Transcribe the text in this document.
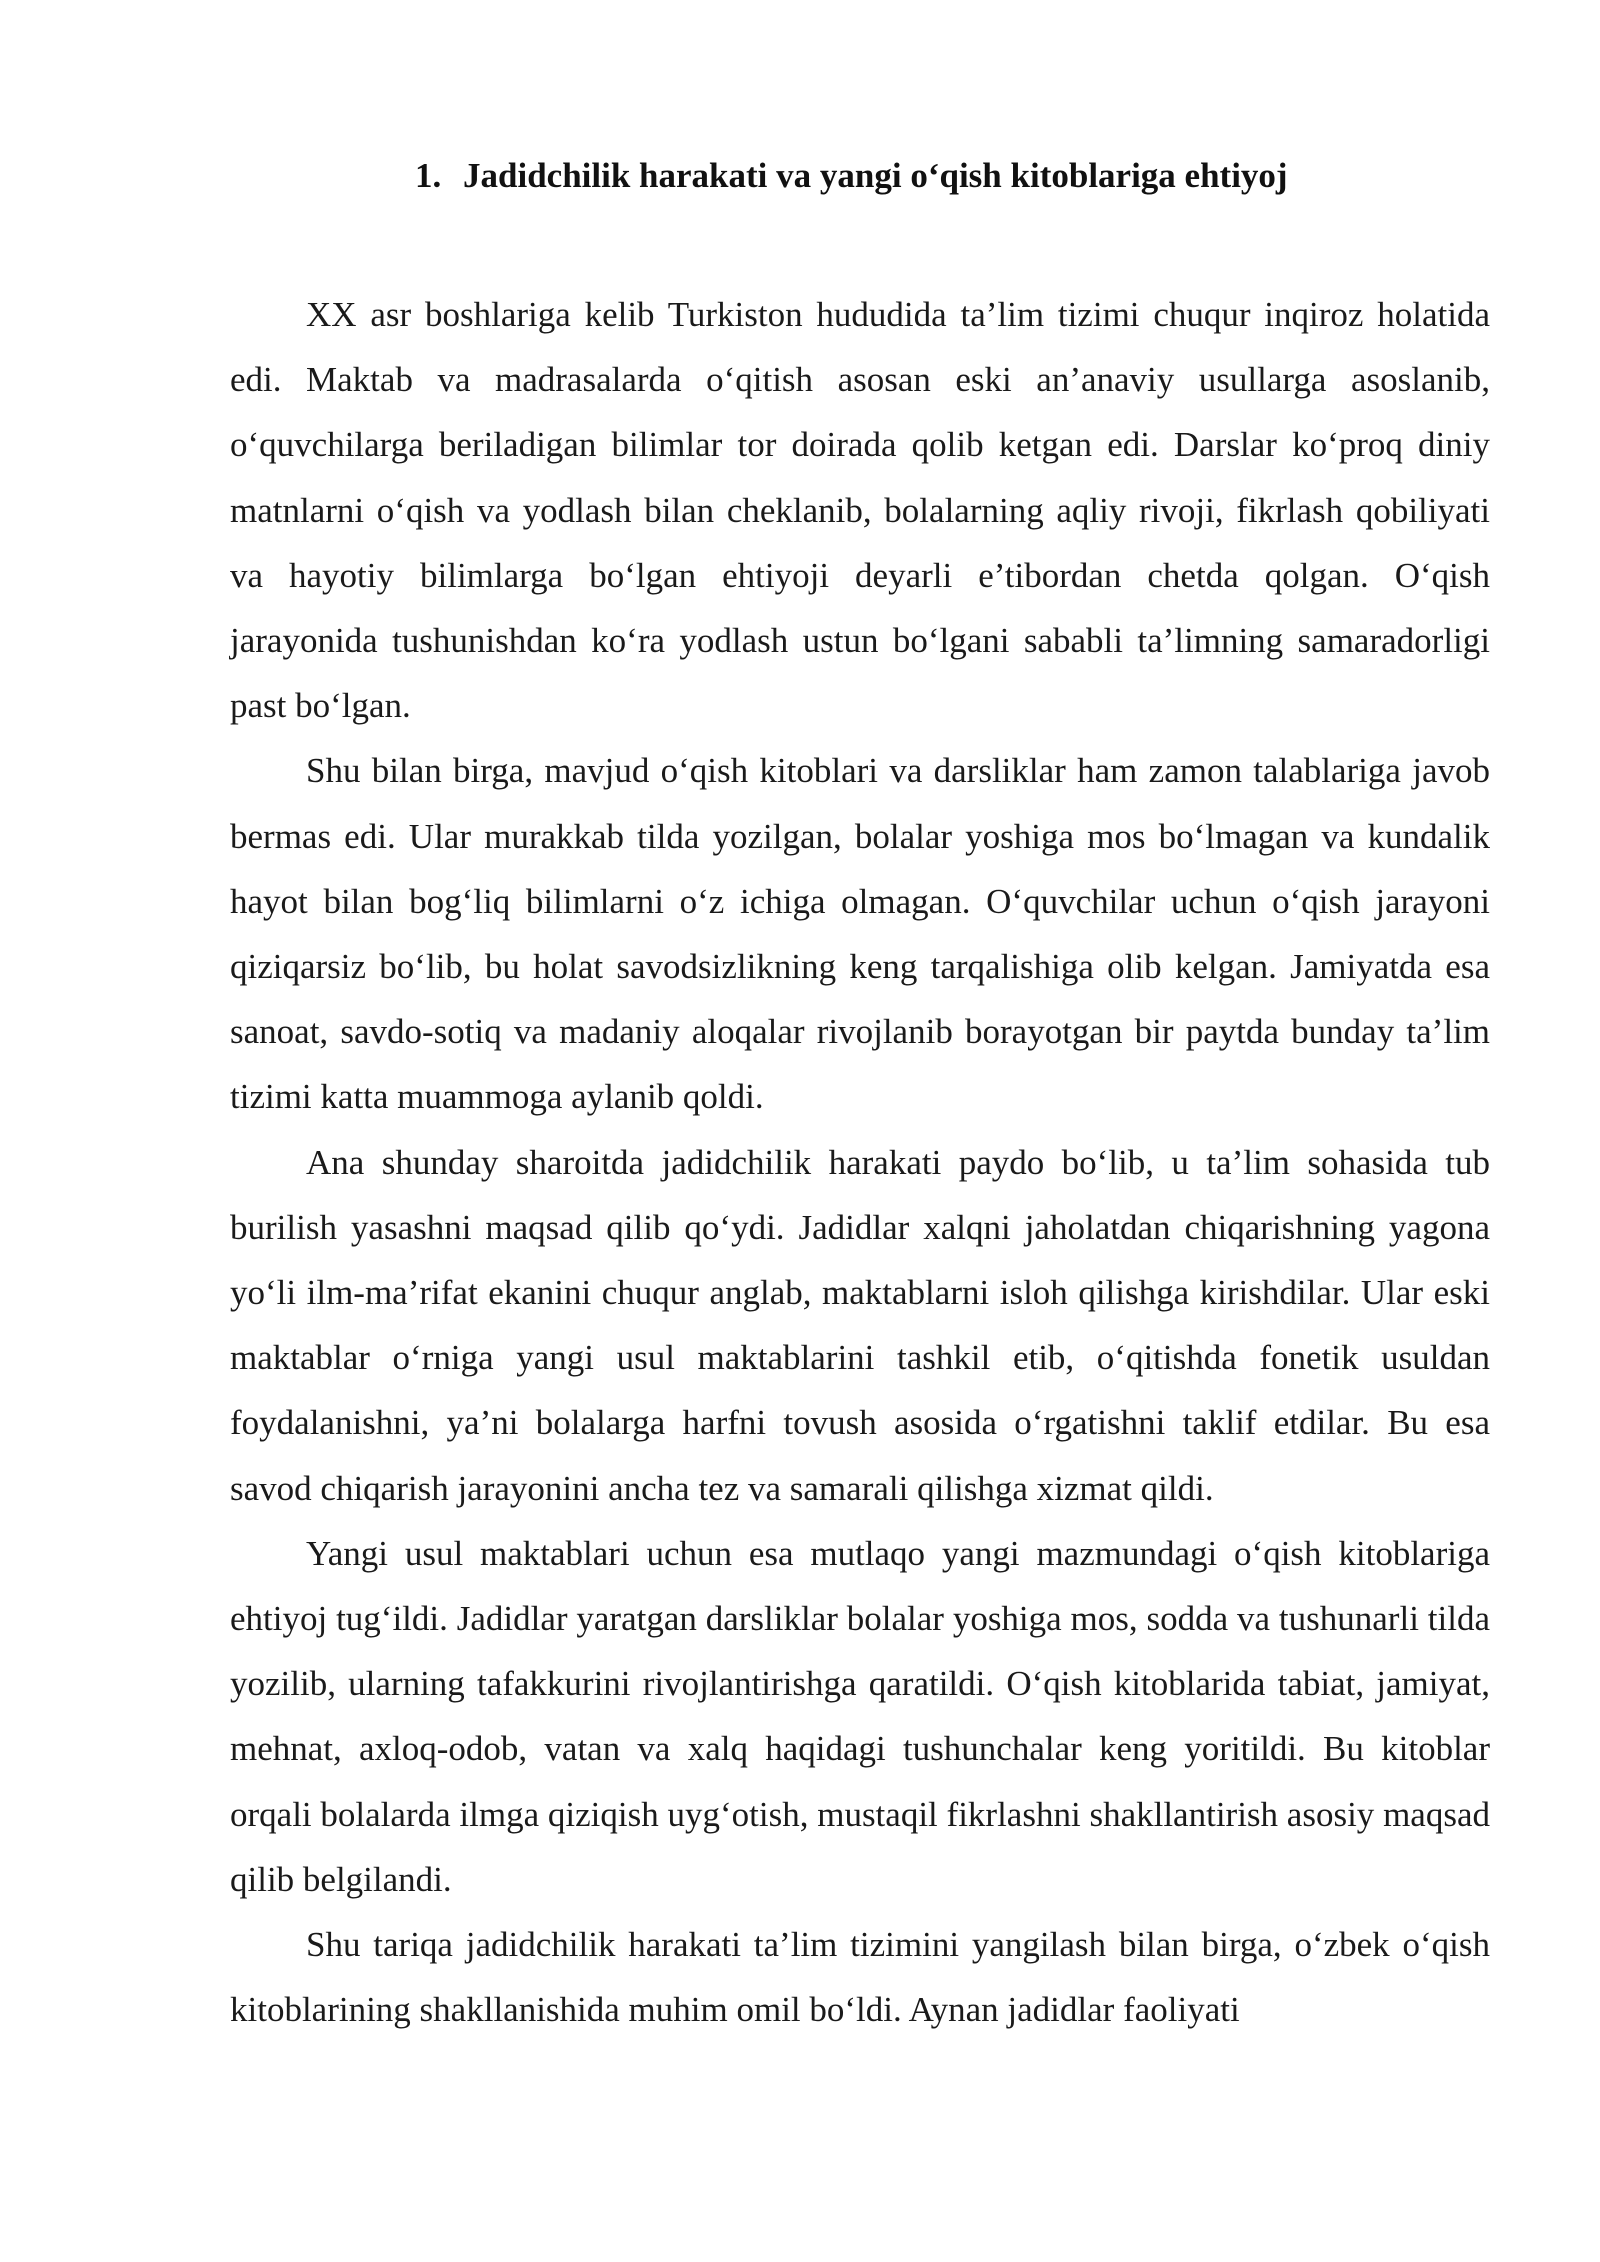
1. Jadidchilik harakati va yangi o‘qish kitoblariga ehtiyoj

XX asr boshlariga kelib Turkiston hududida ta’lim tizimi chuqur inqiroz holatida edi. Maktab va madrasalarda o‘qitish asosan eski an’anaviy usullarga asoslanib, o‘quvchilarga beriladigan bilimlar tor doirada qolib ketgan edi. Darslar ko‘proq diniy matnlarni o‘qish va yodlash bilan cheklanib, bolalarning aqliy rivoji, fikrlash qobiliyati va hayotiy bilimlarga bo‘lgan ehtiyoji deyarli e’tibordan chetda qolgan. O‘qish jarayonida tushunishdan ko‘ra yodlash ustun bo‘lgani sababli ta’limning samaradorligi past bo‘lgan.

Shu bilan birga, mavjud o‘qish kitoblari va darsliklar ham zamon talablariga javob bermas edi. Ular murakkab tilda yozilgan, bolalar yoshiga mos bo‘lmagan va kundalik hayot bilan bog‘liq bilimlarni o‘z ichiga olmagan. O‘quvchilar uchun o‘qish jarayoni qiziqarsiz bo‘lib, bu holat savodsizlikning keng tarqalishiga olib kelgan. Jamiyatda esa sanoat, savdo-sotiq va madaniy aloqalar rivojlanib borayotgan bir paytda bunday ta’lim tizimi katta muammoga aylanib qoldi.

Ana shunday sharoitda jadidchilik harakati paydo bo‘lib, u ta’lim sohasida tub burilish yasashni maqsad qilib qo‘ydi. Jadidlar xalqni jaholatdan chiqarishning yagona yo‘li ilm-ma’rifat ekanini chuqur anglab, maktablarni isloh qilishga kirishdilar. Ular eski maktablar o‘rniga yangi usul maktablarini tashkil etib, o‘qitishda fonetik usuldan foydalanishni, ya’ni bolalarga harfni tovush asosida o‘rgatishni taklif etdilar. Bu esa savod chiqarish jarayonini ancha tez va samarali qilishga xizmat qildi.

Yangi usul maktablari uchun esa mutlaqo yangi mazmundagi o‘qish kitoblariga ehtiyoj tug‘ildi. Jadidlar yaratgan darsliklar bolalar yoshiga mos, sodda va tushunarli tilda yozilib, ularning tafakkurini rivojlantirishga qaratildi. O‘qish kitoblarida tabiat, jamiyat, mehnat, axloq-odob, vatan va xalq haqidagi tushunchalar keng yoritildi. Bu kitoblar orqali bolalarda ilmga qiziqish uyg‘otish, mustaqil fikrlashni shakllantirish asosiy maqsad qilib belgilandi.

Shu tariqa jadidchilik harakati ta’lim tizimini yangilash bilan birga, o‘zbek o‘qish kitoblarining shakllanishida muhim omil bo‘ldi. Aynan jadidlar faoliyati
